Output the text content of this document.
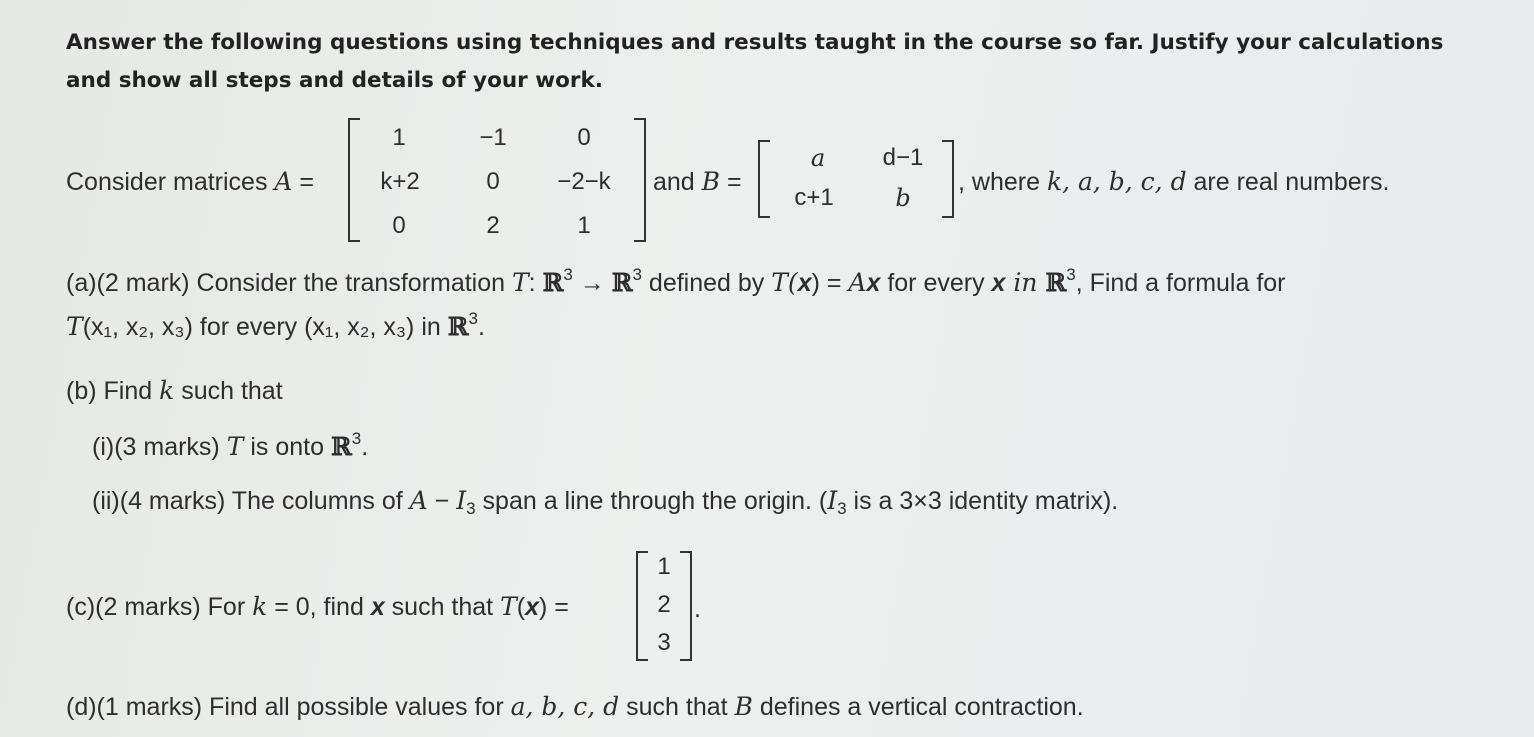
Answer the following questions using techniques and results taught in the course so far. Justify your calculations and show all steps and details of your work.
Consider matrices A =
1	−1	0
k+2	0	−2−k
0	2	1
and B =
a	d−1
c+1	b
, where k, a, b, c, d are real numbers.
(a)(2 mark) Consider the transformation T: ℝ$^3$ → ℝ$^3$ defined by T(x) = Ax for every x in ℝ$^3$, Find a formula for
T(x₁, x₂, x₃) for every (x₁, x₂, x₃) in ℝ$^3$.
(b) Find k such that
(i)(3 marks) T is onto ℝ$^3$.
(ii)(4 marks) The columns of $A - I_3$ span a line through the origin. ($I_3$ is a 3×3 identity matrix).
(c)(2 marks) For k = 0, find x such that T(x) =
1
2
3
.
(d)(1 marks) Find all possible values for a, b, c, d such that B defines a vertical contraction.
